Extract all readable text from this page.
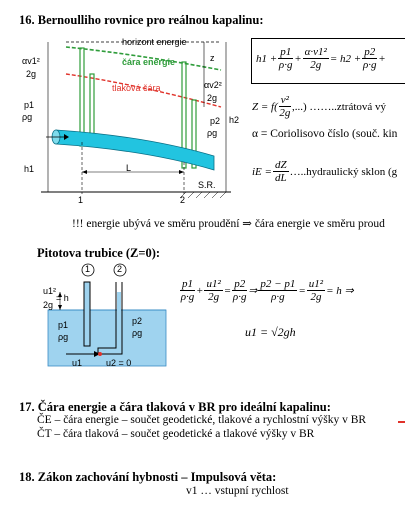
16. Bernoulliho rovnice pro reálnou kapalinu:
horizont energie
čára energie
tlaková čára
z
αv1²
2g
αv2²
2g
p1
ρg	p2
ρg
h1
h2
L
S.R.
1	2
$h1 + \frac{p1}{\rho\cdot g} + \frac{\text{α·v1²}}{2g} = h2 + \frac{p2}{\rho\cdot g}$ +
$Z = f( \frac{\text{v²}}{2g}$ ,...) ……..ztrátová vý
α = Coriolisovo číslo (souč. kin
iE = $\frac{dZ}{dL}$ …..hydraulický sklon (g
!!! energie ubývá ve směru proudění ⇒ čára energie ve směru proud
Pitotova trubice (Z=0):
1	2
u1²
= h
2g
p1
ρg
p2
ρg
u1	u2 = 0
$\frac{p1}{\rho\cdot g} + \frac{\text{u1²}}{2g} = \frac{p2}{\rho\cdot g}$ ⇒ $\frac{p2 - p1}{\rho\cdot g} = \frac{\text{u1²}}{2g} = h$ ⇒
u1 = √2gh
17. Čára energie a čára tlaková v BR pro ideální kapalinu:
ČE – čára energie – součet geodetické, tlakové a rychlostní výšky v BR
ČT – čára tlaková – součet geodetické a tlakové výšky v BR
18. Zákon zachování hybnosti – Impulsová věta:
v1 … vstupní rychlost
